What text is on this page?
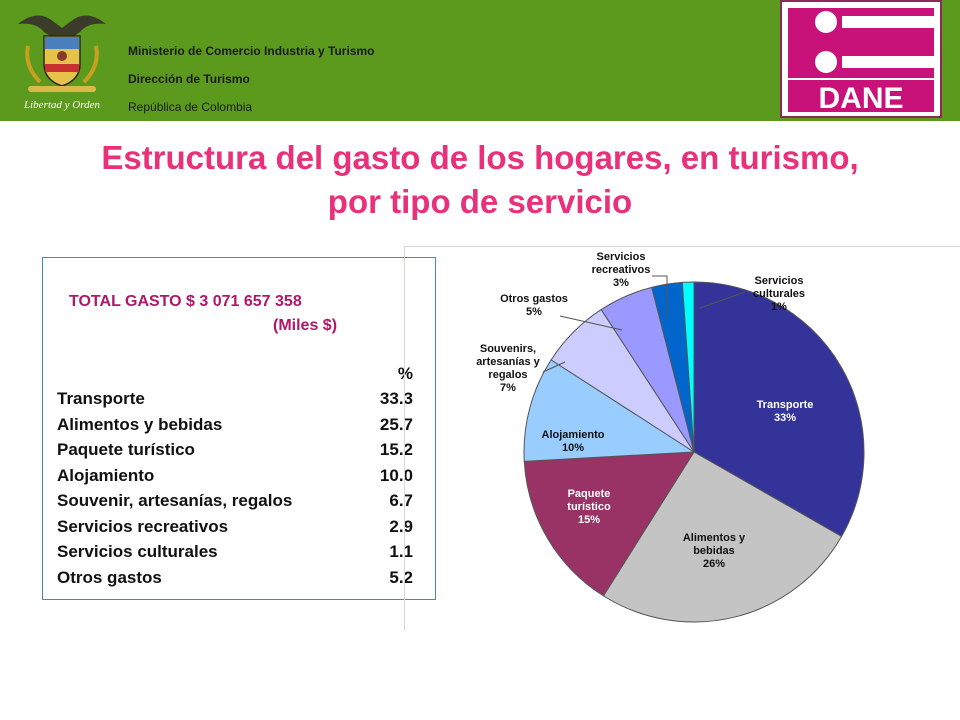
Libertad y Orden
Ministerio de Comercio Industria y Turismo
Dirección de Turismo
República de Colombia	DANE
Estructura del gasto de los hogares, en turismo,
por tipo de servicio
TOTAL GASTO $ 3 071 657 358
(Miles $)
%
Transporte	33.3
Alimentos y bebidas	25.7
Paquete turístico	15.2
Alojamiento	10.0
Souvenir, artesanías, regalos	6.7
Servicios recreativos	2.9
Servicios culturales	1.1
Otros gastos	5.2
Transporte 33%
Alimentos y bebidas 26%
Paquete turístico 15%
Alojamiento 10%
Souvenirs, artesanías y regalos 7%
Otros gastos 5%
Servicios recreativos 3%	Servicios culturales 1%
